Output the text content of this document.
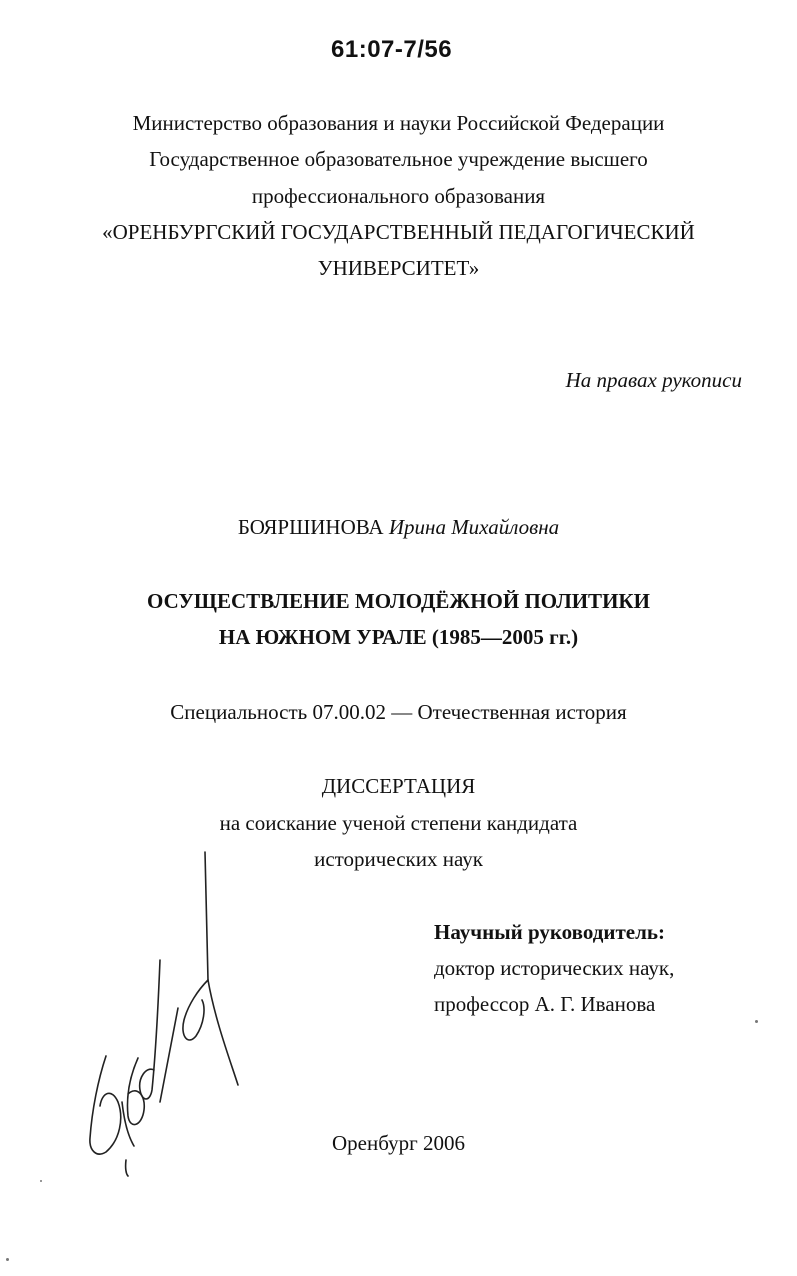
61:07-7/56
Министерство образования и науки Российской Федерации
Государственное образовательное учреждение высшего
профессионального образования
«ОРЕНБУРГСКИЙ ГОСУДАРСТВЕННЫЙ ПЕДАГОГИЧЕСКИЙ
УНИВЕРСИТЕТ»
На правах рукописи
БОЯРШИНОВА Ирина Михайловна
ОСУЩЕСТВЛЕНИЕ МОЛОДЁЖНОЙ ПОЛИТИКИ
НА ЮЖНОМ УРАЛЕ (1985—2005 гг.)
Специальность 07.00.02 — Отечественная история
ДИССЕРТАЦИЯ
на соискание ученой степени кандидата
исторических наук
Научный руководитель:
доктор исторических наук,
профессор А. Г. Иванова
Оренбург 2006
